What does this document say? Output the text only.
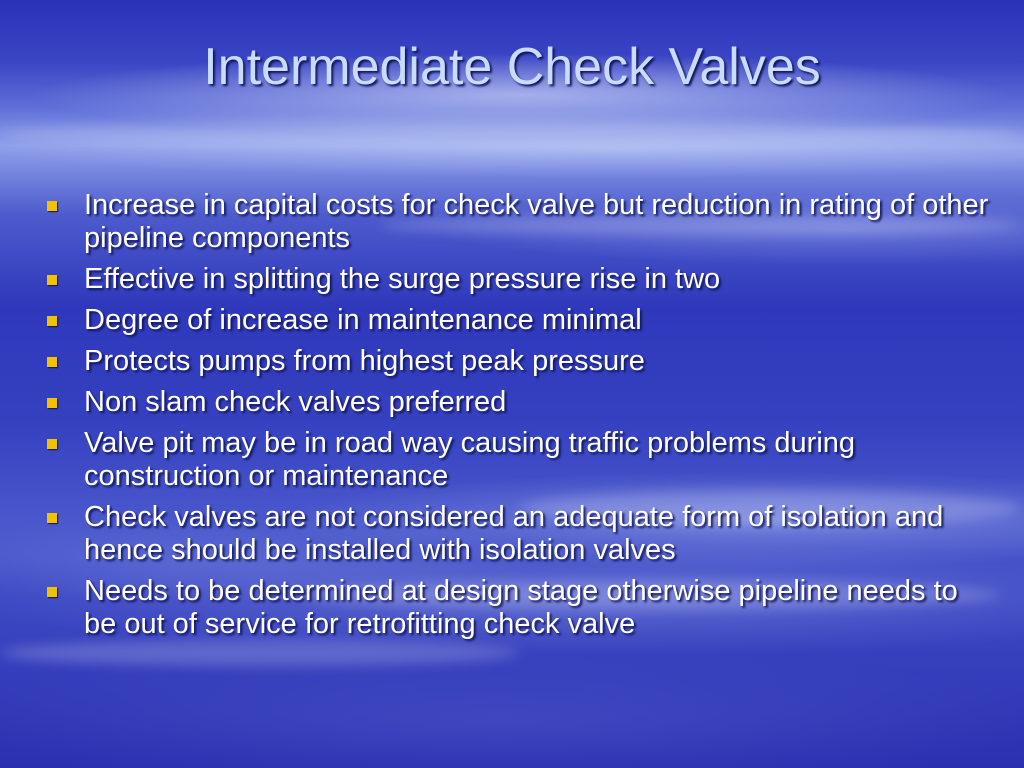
Intermediate Check Valves
Increase in capital costs for check valve but reduction in rating of other pipeline components
Effective in splitting the surge pressure rise in two
Degree of increase in maintenance minimal
Protects pumps from highest peak pressure
Non slam check valves preferred
Valve pit may be in road way causing traffic problems during construction or maintenance
Check valves are not considered an adequate form of isolation and hence should be installed with isolation valves
Needs to be determined at design stage otherwise pipeline needs to be out of service for retrofitting check valve
